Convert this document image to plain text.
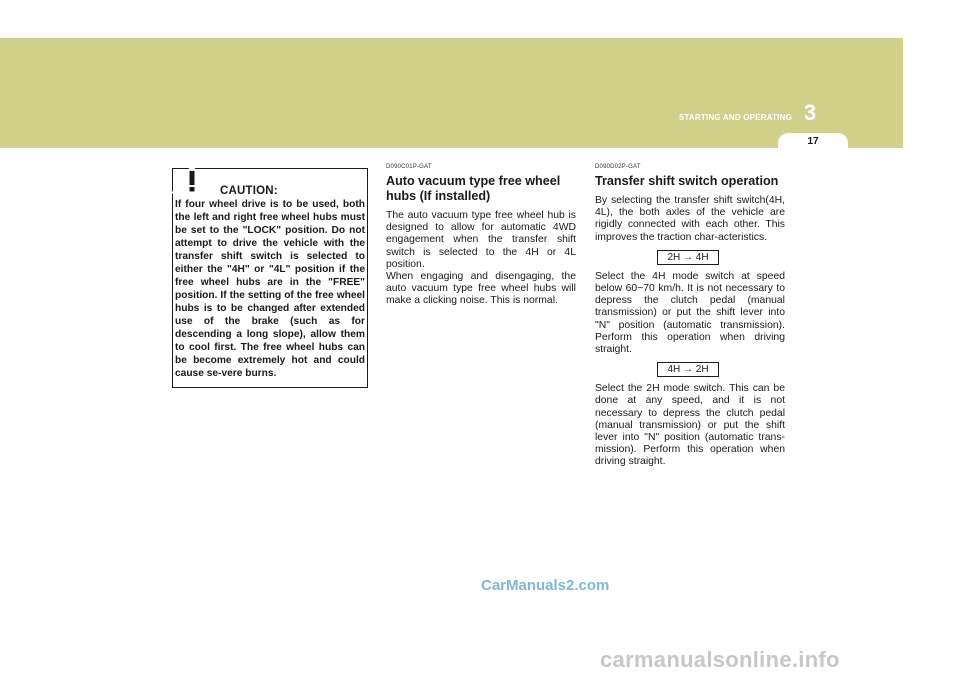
3
STARTING AND OPERATING
17
CAUTION:
If four wheel drive is to be used, both the left and right free wheel hubs must be set to the "LOCK" position. Do not attempt to drive the vehicle with the transfer shift switch is selected to either the "4H" or "4L" position if the free wheel hubs are in the "FREE" position. If the setting of the free wheel hubs is to be changed after extended use of the brake (such as for descending a long slope), allow them to cool first. The free wheel hubs can be become extremely hot and could cause se-vere burns.
D090C01P-GAT
Auto vacuum type free wheel hubs (If installed)

The auto vacuum type free wheel hub is designed to allow for automatic 4WD engagement when the transfer shift switch is selected to the 4H or 4L position.

When engaging and disengaging, the auto vacuum type free wheel hubs will make a clicking noise. This is normal.

D090D02P-GAT
Transfer shift switch operation

By selecting the transfer shift switch(4H, 4L), the both axles of the vehicle are rigidly connected with each other. This improves the traction char-acteristics.

2H → 4H

Select the 4H mode switch at speed below 60~70 km/h. It is not necessary to depress the clutch pedal (manual transmission) or put the shift lever into "N" position (automatic transmission). Perform this operation when driving straight.

4H → 2H

Select the 2H mode switch. This can be done at any speed, and it is not necessary to depress the clutch pedal (manual transmission) or put the shift lever into "N" position (automatic trans-mission). Perform this operation when driving straight.

CarManuals2.com
carmanualsonline.info
